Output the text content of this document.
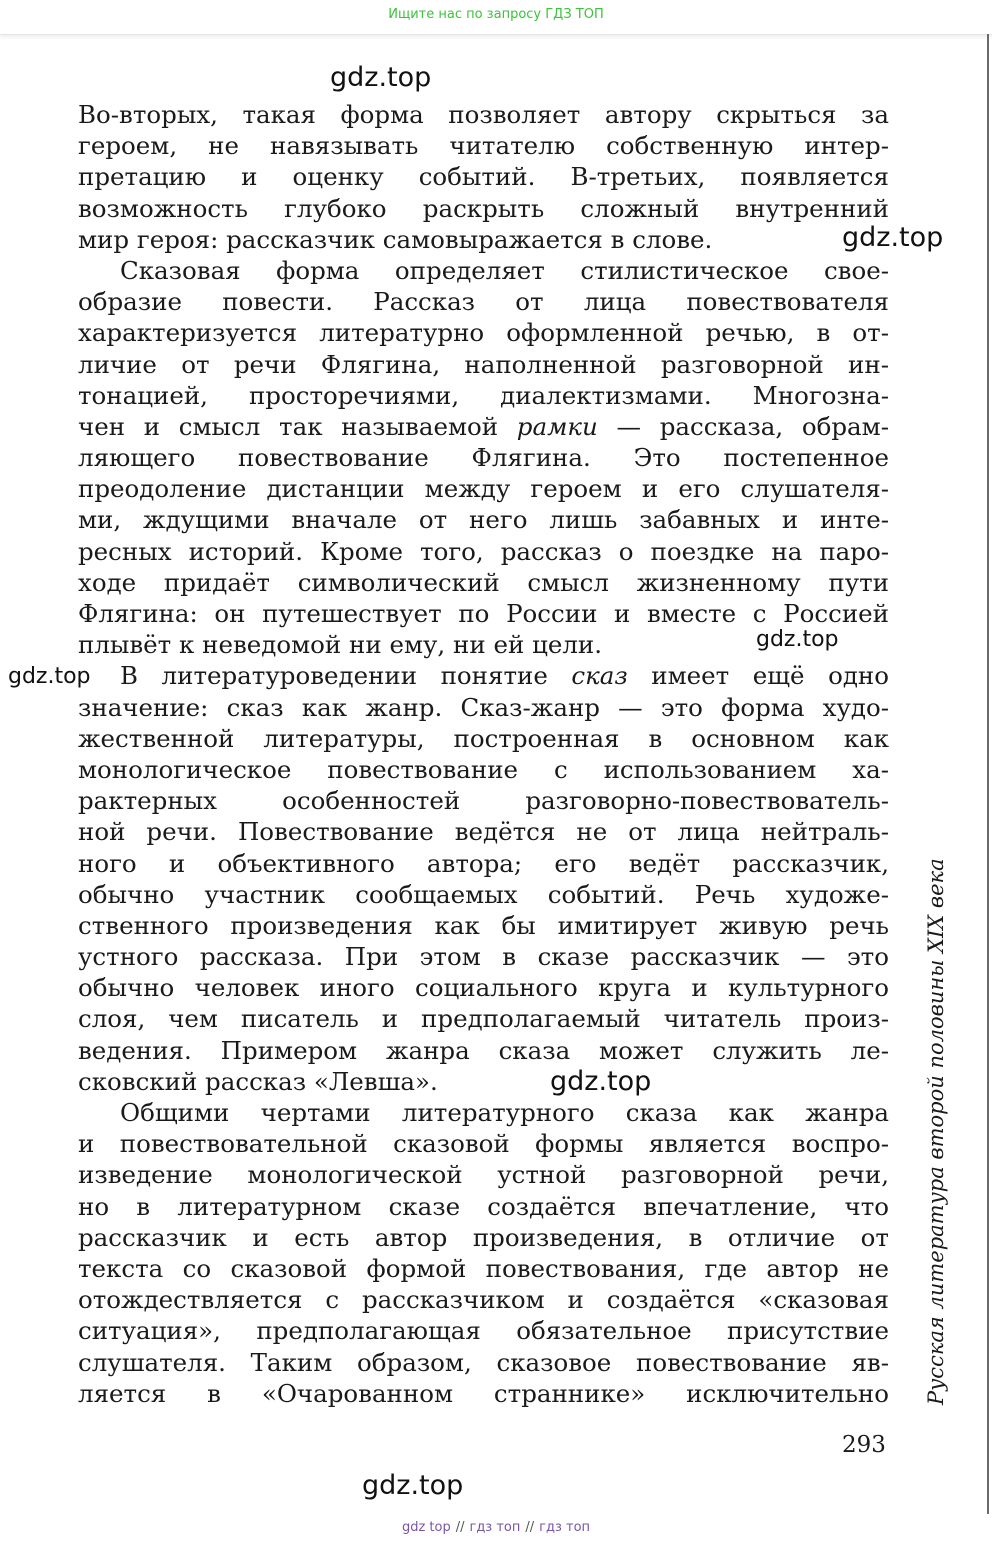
Ищите нас по запросу ГДЗ ТОП
gdz.top
gdz.top
gdz.top
gdz.top
gdz.top
gdz.top
Во-вторых, такая форма позволяет автору скрыться за
героем, не навязывать читателю собственную интер-
претацию и оценку событий. В-третьих, появляется
возможность глубоко раскрыть сложный внутренний
мир героя: рассказчик самовыражается в слове.
Сказовая форма определяет стилистическое свое-
образие повести. Рассказ от лица повествователя
характеризуется литературно оформленной речью, в от-
личие от речи Флягина, наполненной разговорной ин-
тонацией, просторечиями, диалектизмами. Многозна-
чен и смысл так называемой рамки — рассказа, обрам-
ляющего повествование Флягина. Это постепенное
преодоление дистанции между героем и его слушателя-
ми, ждущими вначале от него лишь забавных и инте-
ресных историй. Кроме того, рассказ о поездке на паро-
ходе придаёт символический смысл жизненному пути
Флягина: он путешествует по России и вместе с Россией
плывёт к неведомой ни ему, ни ей цели.
В литературоведении понятие сказ имеет ещё одно
значение: сказ как жанр. Сказ-жанр — это форма худо-
жественной литературы, построенная в основном как
монологическое повествование с использованием ха-
рактерных особенностей разговорно-повествователь-
ной речи. Повествование ведётся не от лица нейтраль-
ного и объективного автора; его ведёт рассказчик,
обычно участник сообщаемых событий. Речь художе-
ственного произведения как бы имитирует живую речь
устного рассказа. При этом в сказе рассказчик — это
обычно человек иного социального круга и культурного
слоя, чем писатель и предполагаемый читатель произ-
ведения. Примером жанра сказа может служить ле-
сковский рассказ «Левша».
Общими чертами литературного сказа как жанра
и повествовательной сказовой формы является воспро-
изведение монологической устной разговорной речи,
но в литературном сказе создаётся впечатление, что
рассказчик и есть автор произведения, в отличие от
текста со сказовой формой повествования, где автор не
отождествляется с рассказчиком и создаётся «сказовая
ситуация», предполагающая обязательное присутствие
слушателя. Таким образом, сказовое повествование яв-
ляется в «Очарованном страннике» исключительно Русская литература второй половины XIX века
293
gdz top // гдз топ // гдз топ
